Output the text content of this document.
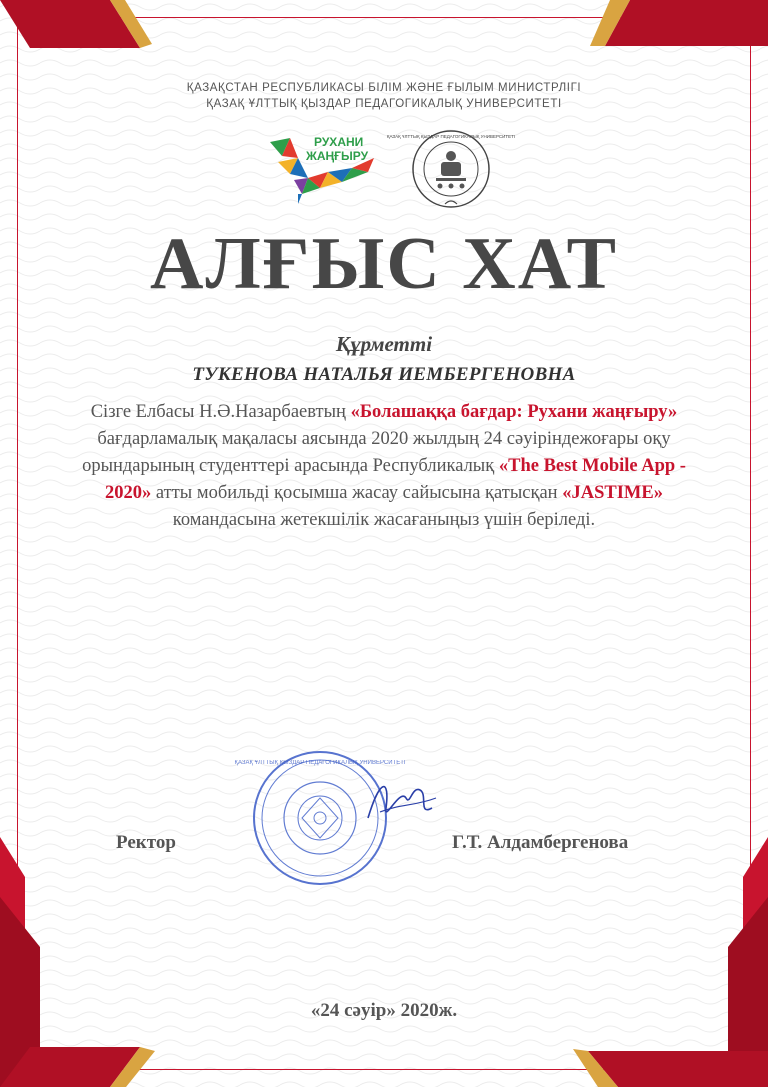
ҚАЗАҚСТАН РЕСПУБЛИКАСЫ БІЛІМ ЖӘНЕ ҒЫЛЫМ МИНИСТРЛІГІ
ҚАЗАҚ ҰЛТТЫҚ ҚЫЗДАР ПЕДАГОГИКАЛЫҚ УНИВЕРСИТЕТІ
РУХАНИ
ЖАҢҒЫРУ
ҚАЗАҚ ҰЛТТЫҚ ҚЫЗДАР ПЕДАГОГИКАЛЫҚ УНИВЕРСИТЕТІ
АЛҒЫС ХАТ
Құрметті
ТУКЕНОВА НАТАЛЬЯ ИЕМБЕРГЕНОВНА
Сізге Елбасы Н.Ә.Назарбаевтың «Болашаққа бағдар: Рухани жаңғыру» бағдарламалық мақаласы аясында 2020 жылдың 24 сәуіріндежоғары оқу орындарының студенттері арасында Республикалық «The Best Mobile App - 2020» атты мобильді қосымша жасау сайысына қатысқан «JASTIME» командасына жетекшілік жасағаныңыз үшін беріледі.
ҚАЗАҚ ҰЛТТЫҚ ҚЫЗДАР ПЕДАГОГИКАЛЫҚ УНИВЕРСИТЕТІ
Ректор	Г.Т. Алдамбергенова
«24 сәуір» 2020ж.
